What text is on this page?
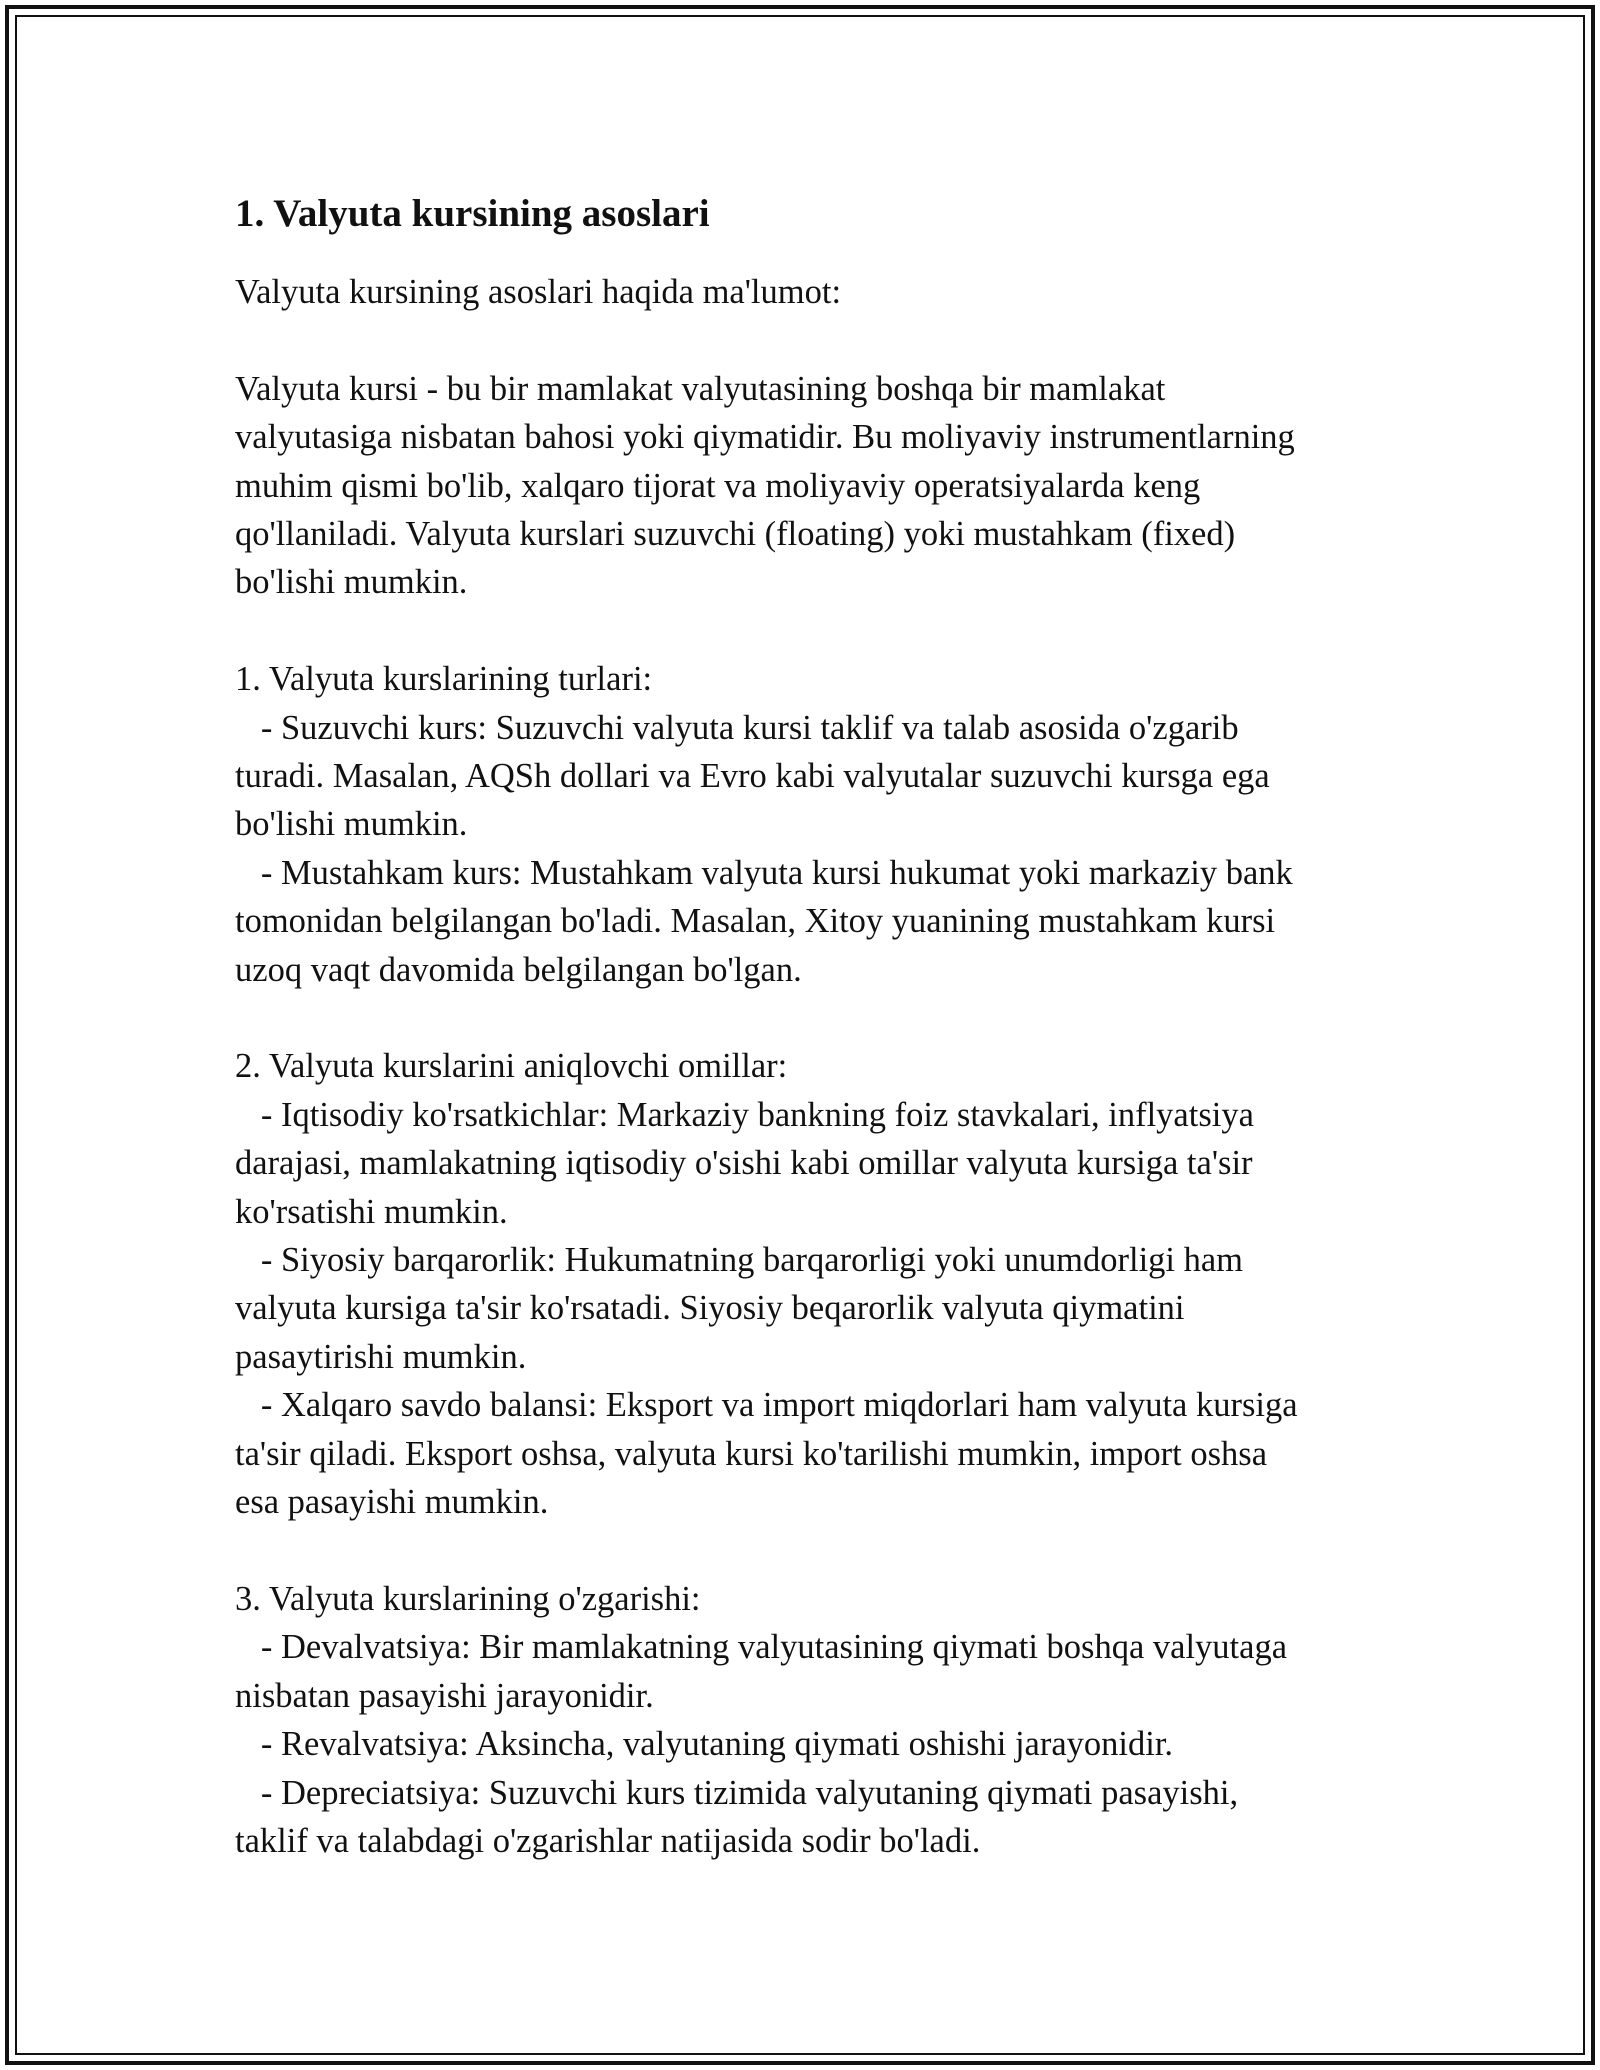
1. Valyuta kursining asoslari

Valyuta kursining asoslari haqida ma'lumot:

Valyuta kursi - bu bir mamlakat valyutasining boshqa bir mamlakat

valyutasiga nisbatan bahosi yoki qiymatidir. Bu moliyaviy instrumentlarning

muhim qismi bo'lib, xalqaro tijorat va moliyaviy operatsiyalarda keng

qo'llaniladi. Valyuta kurslari suzuvchi (floating) yoki mustahkam (fixed)

bo'lishi mumkin.

1. Valyuta kurslarining turlari:

- Suzuvchi kurs: Suzuvchi valyuta kursi taklif va talab asosida o'zgarib

turadi. Masalan, AQSh dollari va Evro kabi valyutalar suzuvchi kursga ega

bo'lishi mumkin.

- Mustahkam kurs: Mustahkam valyuta kursi hukumat yoki markaziy bank

tomonidan belgilangan bo'ladi. Masalan, Xitoy yuanining mustahkam kursi

uzoq vaqt davomida belgilangan bo'lgan.

2. Valyuta kurslarini aniqlovchi omillar:

- Iqtisodiy ko'rsatkichlar: Markaziy bankning foiz stavkalari, inflyatsiya

darajasi, mamlakatning iqtisodiy o'sishi kabi omillar valyuta kursiga ta'sir

ko'rsatishi mumkin.

- Siyosiy barqarorlik: Hukumatning barqarorligi yoki unumdorligi ham

valyuta kursiga ta'sir ko'rsatadi. Siyosiy beqarorlik valyuta qiymatini

pasaytirishi mumkin.

- Xalqaro savdo balansi: Eksport va import miqdorlari ham valyuta kursiga

ta'sir qiladi. Eksport oshsa, valyuta kursi ko'tarilishi mumkin, import oshsa

esa pasayishi mumkin.

3. Valyuta kurslarining o'zgarishi:

- Devalvatsiya: Bir mamlakatning valyutasining qiymati boshqa valyutaga

nisbatan pasayishi jarayonidir.

- Revalvatsiya: Aksincha, valyutaning qiymati oshishi jarayonidir.

- Depreciatsiya: Suzuvchi kurs tizimida valyutaning qiymati pasayishi,

taklif va talabdagi o'zgarishlar natijasida sodir bo'ladi.
